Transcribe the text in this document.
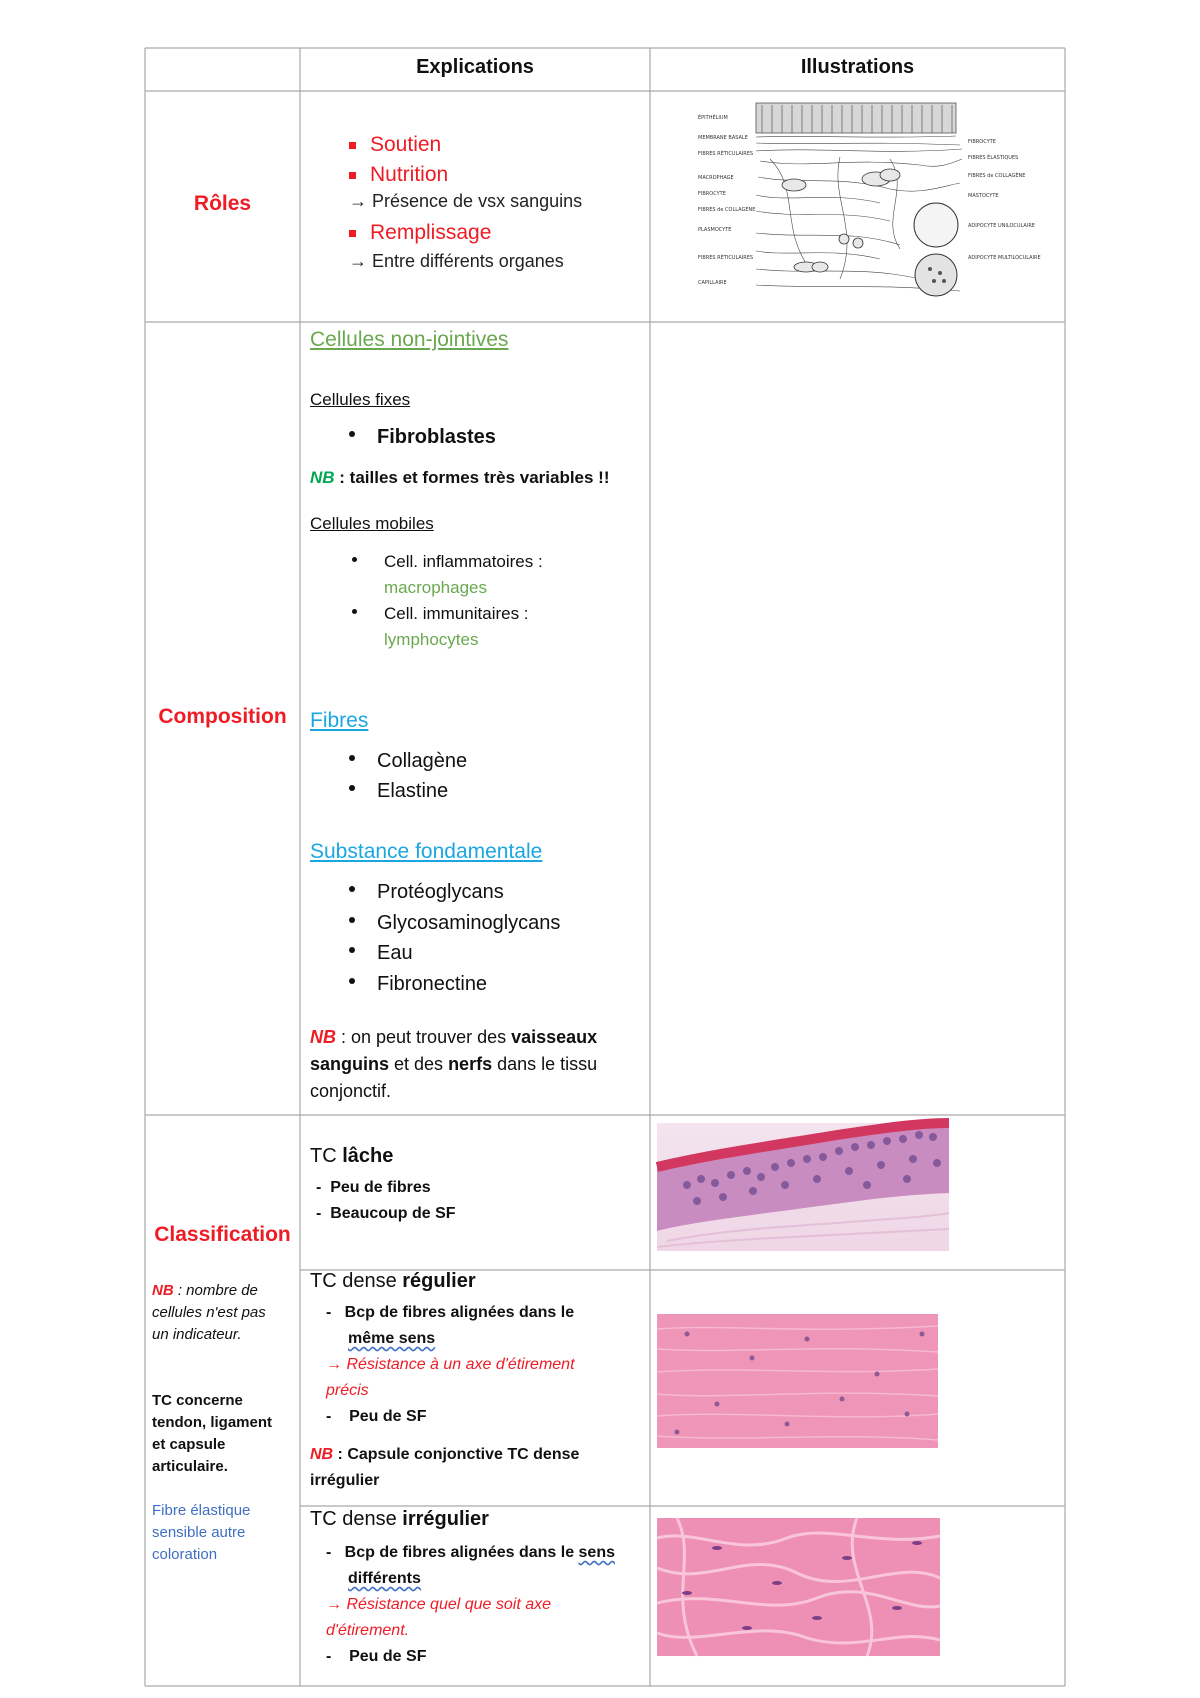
Explications	Illustrations
Rôles
Soutien
Nutrition
→ Présence de vsx sanguins
Remplissage
→ Entre différents organes
ÉPITHÉLIUM
MEMBRANE BASALE
FIBRES RÉTICULAIRES
MACROPHAGE
FIBROCYTE
FIBRES de COLLAGÈNE
PLASMOCYTE
FIBRES RÉTICULAIRES
CAPILLAIRE
FIBROCYTE
FIBRES ÉLASTIQUES
FIBRES de COLLAGÈNE
MASTOCYTE
ADIPOCYTE UNILOCULAIRE
ADIPOCYTE MULTILOCULAIRE
Composition
Cellules non-jointives
Cellules fixes
Fibroblastes
NB : tailles et formes très variables !!
Cellules mobiles
Cell. inflammatoires :
macrophages
Cell. immunitaires :
lymphocytes
Fibres
Collagène
Elastine
Substance fondamentale
Protéoglycans
Glycosaminoglycans
Eau
Fibronectine
NB : on peut trouver des vaisseaux
sanguins et des nerfs dans le tissu
conjonctif.
Classification
NB : nombre de
cellules n'est pas
un indicateur.
TC concerne
tendon, ligament
et capsule
articulaire.
Fibre élastique
sensible autre
coloration
TC lâche
-  Peu de fibres
-  Beaucoup de SF
TC dense régulier
-   Bcp de fibres alignées dans le
même sens
→ Résistance à un axe d'étirement
précis
-    Peu de SF
NB : Capsule conjonctive TC dense
irrégulier
TC dense irrégulier
-   Bcp de fibres alignées dans le sens
différents
→ Résistance quel que soit axe
d'étirement.
-    Peu de SF
